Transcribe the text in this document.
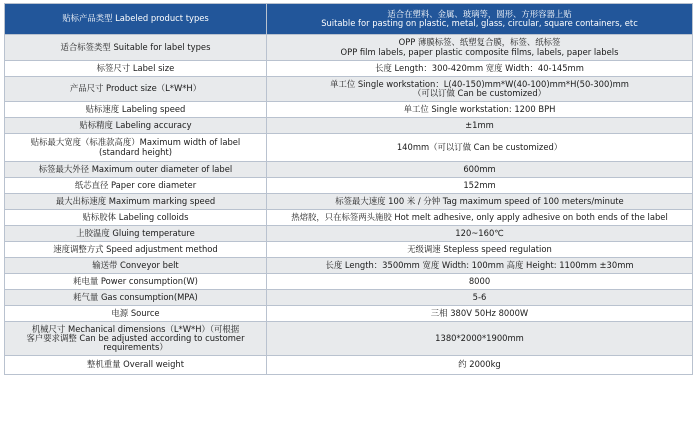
贴标产品类型 Labeled product types	适合在塑料、金属、玻璃等，圆形、方形容器上贴
Suitable for pasting on plastic, metal, glass, circular, square containers, etc

适合标签类型 Suitable for label types	OPP 薄膜标签、纸塑复合膜，标签、纸标签
OPP film labels, paper plastic composite films, labels, paper labels

标签尺寸 Label size	长度 Length：300-420mm 宽度 Width：40-145mm

产品尺寸 Product size（L*W*H）	单工位 Single workstation：L(40-150)mm*W(40-100)mm*H(50-300)mm
（可以订做 Can be customized）

贴标速度 Labeling speed	单工位 Single workstation: 1200 BPH

贴标精度 Labeling accuracy	±1mm

贴标最大宽度（标准款高度）Maximum width of label
(standard height)	140mm（可以订做 Can be customized）

标签最大外径 Maximum outer diameter of label	600mm

纸芯直径 Paper core diameter	152mm

最大出标速度 Maximum marking speed	标签最大速度 100 米 / 分钟 Tag maximum speed of 100 meters/minute

贴标胶体 Labeling colloids	热熔胶，只在标签两头施胶 Hot melt adhesive, only apply adhesive on both ends of the label

上胶温度 Gluing temperature	120~160℃

速度调整方式 Speed adjustment method	无级调速 Stepless speed regulation

输送带 Conveyor belt	长度 Length：3500mm 宽度 Width: 100mm 高度 Height: 1100mm ±30mm

耗电量 Power consumption(W)	8000

耗气量 Gas consumption(MPA)	5-6

电源 Source	三相 380V 50Hz 8000W

机械尺寸 Mechanical dimensions（L*W*H）（可根据
客户要求调整 Can be adjusted according to customer
requirements）	1380*2000*1900mm

整机重量 Overall weight	约 2000kg
